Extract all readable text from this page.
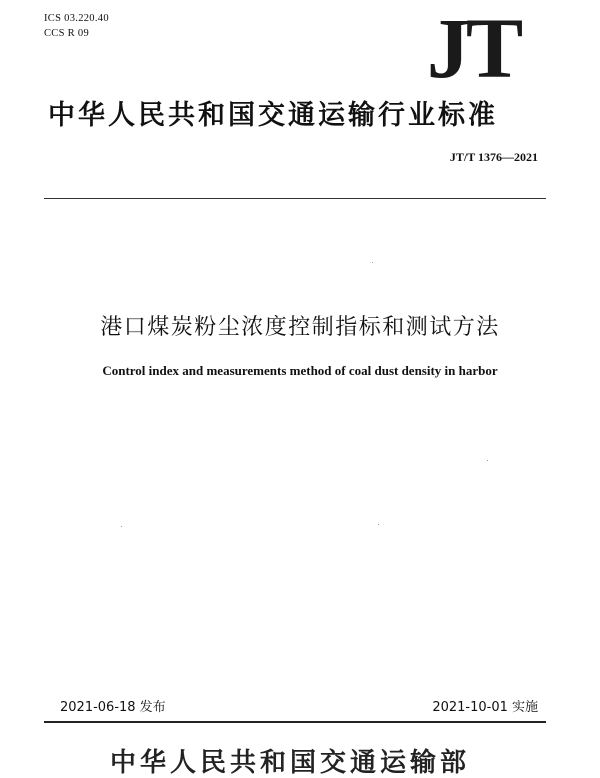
ICS 03.220.40
CCS R 09	JT
中华人民共和国交通运输行业标准
JT/T 1376—2021
港口煤炭粉尘浓度控制指标和测试方法
Control index and measurements method of coal dust density in harbor
2021-06-18 发布	2021-10-01 实施
中华人民共和国交通运输部
